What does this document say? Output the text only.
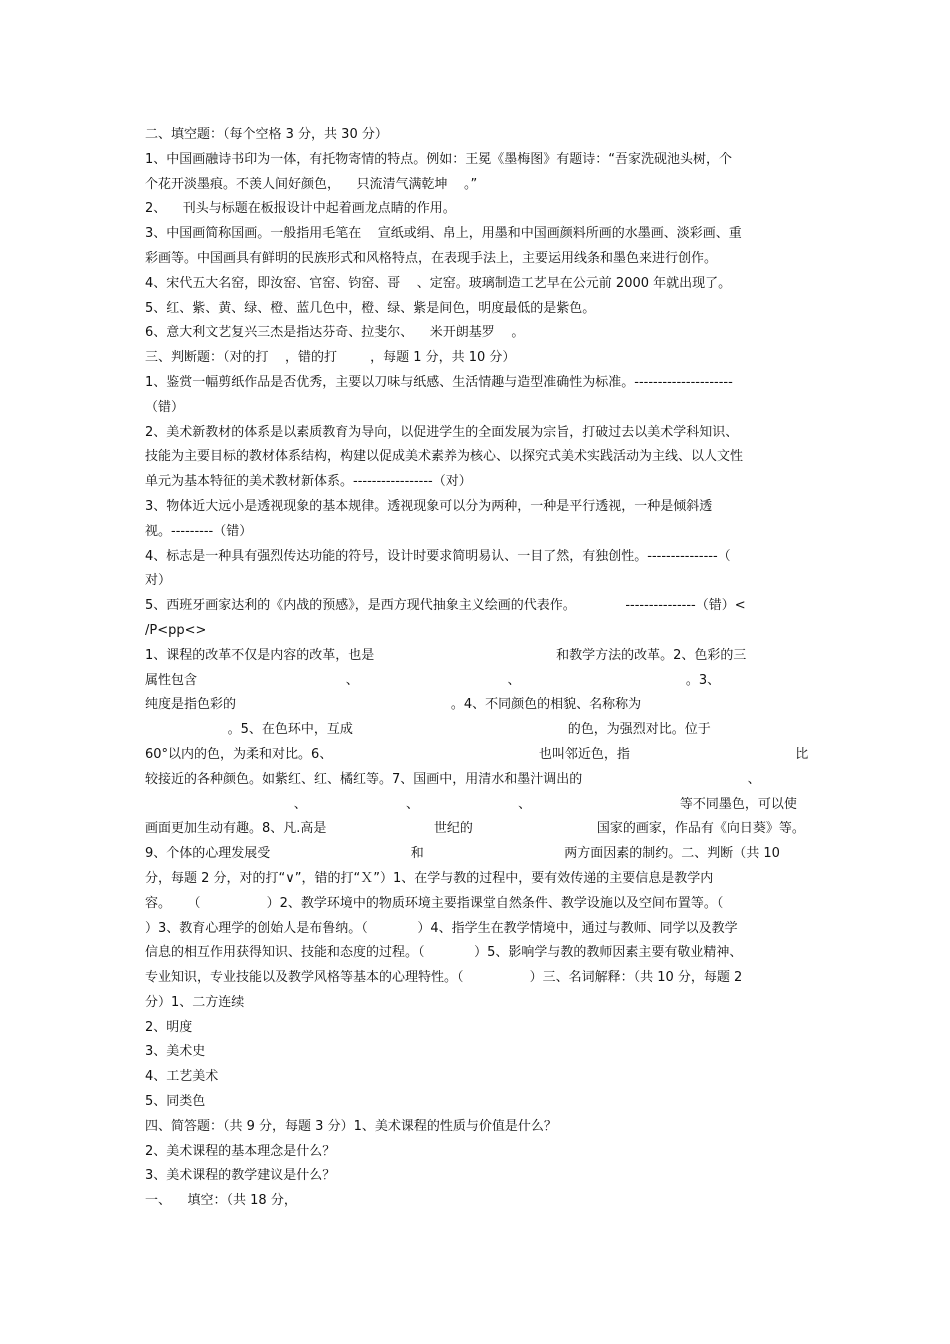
二、填空题：（每个空格 3 分，共 30 分）

1、中国画融诗书印为一体，有托物寄情的特点。例如：王冕《墨梅图》有题诗：“吾家洗砚池头树，个

个花开淡墨痕。不羡人间好颜色，    只流清气满乾坤    。”

2、    刊头与标题在板报设计中起着画龙点睛的作用。

3、中国画简称国画。一般指用毛笔在    宣纸或绢、帛上，用墨和中国画颜料所画的水墨画、淡彩画、重

彩画等。中国画具有鲜明的民族形式和风格特点，在表现手法上，主要运用线条和墨色来进行创作。

4、宋代五大名窑，即汝窑、官窑、钧窑、哥    、定窑。玻璃制造工艺早在公元前 2000 年就出现了。

5、红、紫、黄、绿、橙、蓝几色中，橙、绿、紫是间色，明度最低的是紫色。

6、意大利文艺复兴三杰是指达芬奇、拉斐尔、    米开朗基罗    。

三、判断题：（对的打    ，错的打        ，每题 1 分，共 10 分）

1、鉴赏一幅剪纸作品是否优秀，主要以刀味与纸感、生活情趣与造型准确性为标准。---------------------

（错）

2、美术新教材的体系是以素质教育为导向，以促进学生的全面发展为宗旨，打破过去以美术学科知识、

技能为主要目标的教材体系结构，构建以促成美术素养为核心、以探究式美术实践活动为主线、以人文性

单元为基本特征的美术教材新体系。-----------------（对）

3、物体近大远小是透视现象的基本规律。透视现象可以分为两种，一种是平行透视，一种是倾斜透

视。---------（错）

4、标志是一种具有强烈传达功能的符号，设计时要求简明易认、一目了然，有独创性。---------------（

对）

5、西班牙画家达利的《内战的预感》，是西方现代抽象主义绘画的代表作。            ---------------（错）<

/P<pp<>

1、课程的改革不仅是内容的改革，也是                                            和教学方法的改革。2、色彩的三

属性包含                                    、                                    、                                        。3、

纯度是指色彩的                                                    。4、不同颜色的相貌、名称称为

。5、在色环中，互成                                                    的色，为强烈对比。位于

60°以内的色，为柔和对比。6、                                                  也叫邻近色，指                                        比

较接近的各种颜色。如紫红、红、橘红等。7、国画中，用清水和墨汁调出的                                        、

、                        、                        、                                    等不同墨色，可以使

画面更加生动有趣。8、凡.高是                          世纪的                              国家的画家，作品有《向日葵》等。

9、个体的心理发展受                                  和                                  两方面因素的制约。二、判断（共 10

分，每题 2 分，对的打“∨”，错的打“Ｘ”）1、在学与教的过程中，要有效传递的主要信息是教学内

容。    （                ）2、教学环境中的物质环境主要指课堂自然条件、教学设施以及空间布置等。（

）3、教育心理学的创始人是布鲁纳。（            ）4、指学生在教学情境中，通过与教师、同学以及教学

信息的相互作用获得知识、技能和态度的过程。（            ）5、影响学与教的教师因素主要有敬业精神、

专业知识，专业技能以及教学风格等基本的心理特性。（                ）三、名词解释：（共 10 分，每题 2

分）1、二方连续

2、明度

3、美术史

4、工艺美术

5、同类色

四、简答题：（共 9 分，每题 3 分）1、美术课程的性质与价值是什么？

2、美术课程的基本理念是什么？

3、美术课程的教学建议是什么？

一、    填空：（共 18 分，
